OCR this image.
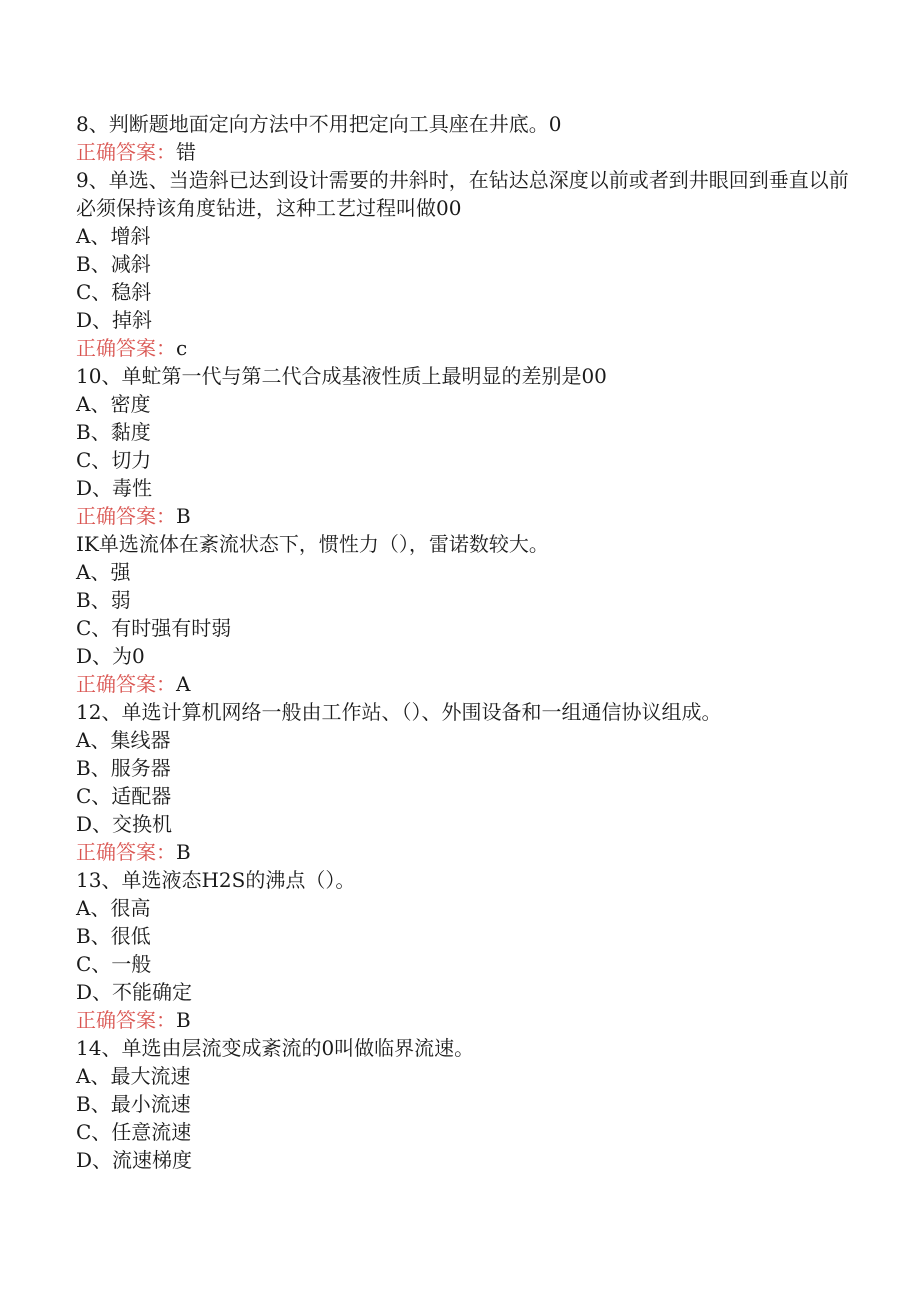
8、判断题地面定向方法中不用把定向工具座在井底。0
正确答案：错
9、单选、当造斜已达到设计需要的井斜时，在钻达总深度以前或者到井眼回到垂直以前必须保持该角度钻进，这种工艺过程叫做00
A、增斜
B、减斜
C、稳斜
D、掉斜
正确答案：c
10、单虻第一代与第二代合成基液性质上最明显的差别是00
A、密度
B、黏度
C、切力
D、毒性
正确答案：B
IK单选流体在紊流状态下，惯性力（），雷诺数较大。
A、强
B、弱
C、有时强有时弱
D、为0
正确答案：A
12、单选计算机网络一般由工作站、（）、外围设备和一组通信协议组成。
A、集线器
B、服务器
C、适配器
D、交换机
正确答案：B
13、单选液态H2S的沸点（）。
A、很高
B、很低
C、一般
D、不能确定
正确答案：B
14、单选由层流变成紊流的0叫做临界流速。
A、最大流速
B、最小流速
C、任意流速
D、流速梯度
